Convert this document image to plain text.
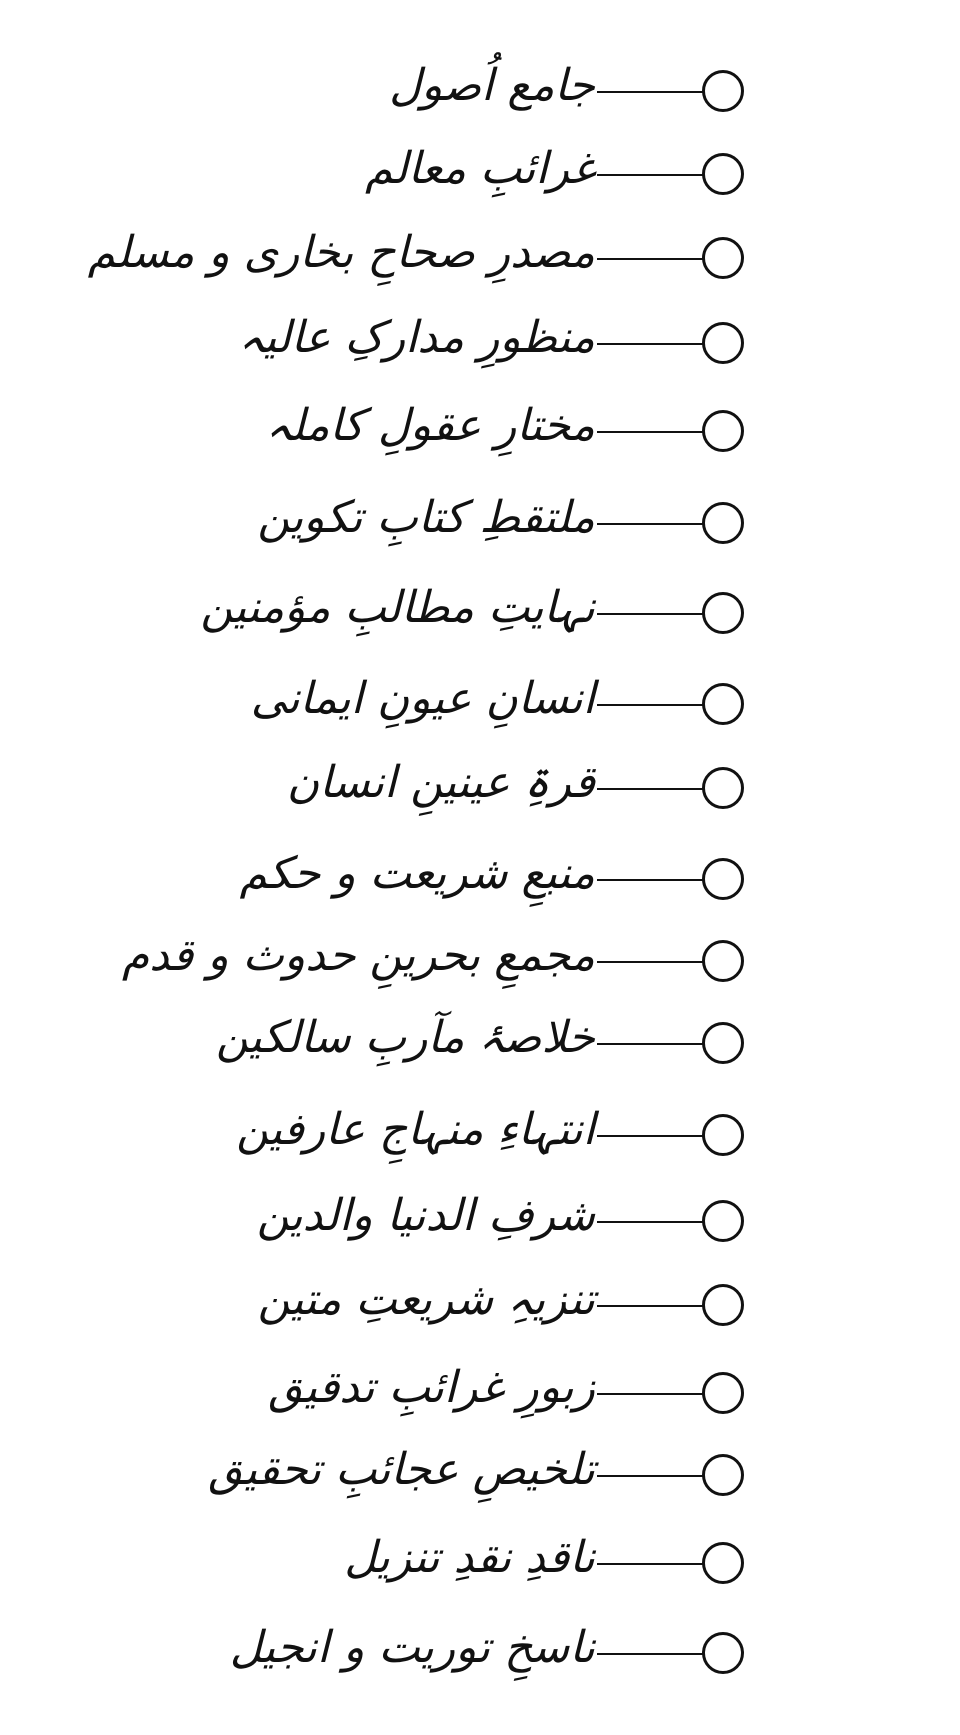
جامع اُصول
غرائبِ معالم
مصدرِ صحاحِ بخاری و مسلم
منظورِ مدارکِ عالیہ
مختارِ عقولِ کاملہ
ملتقطِ کتابِ تکوین
نہایتِ مطالبِ مؤمنین
انسانِ عیونِ ایمانی
قرۃِ عینینِ انسان
منبعِ شریعت و حکم
مجمعِ بحرینِ حدوث و قدم
خلاصۂ مآربِ سالکین
انتہاءِ منہاجِ عارفین
شرفِ الدنیا والدین
تنزیہِ شریعتِ متین
زبورِ غرائبِ تدقیق
تلخیصِ عجائبِ تحقیق
ناقدِ نقدِ تنزیل
ناسخِ توریت و انجیل
